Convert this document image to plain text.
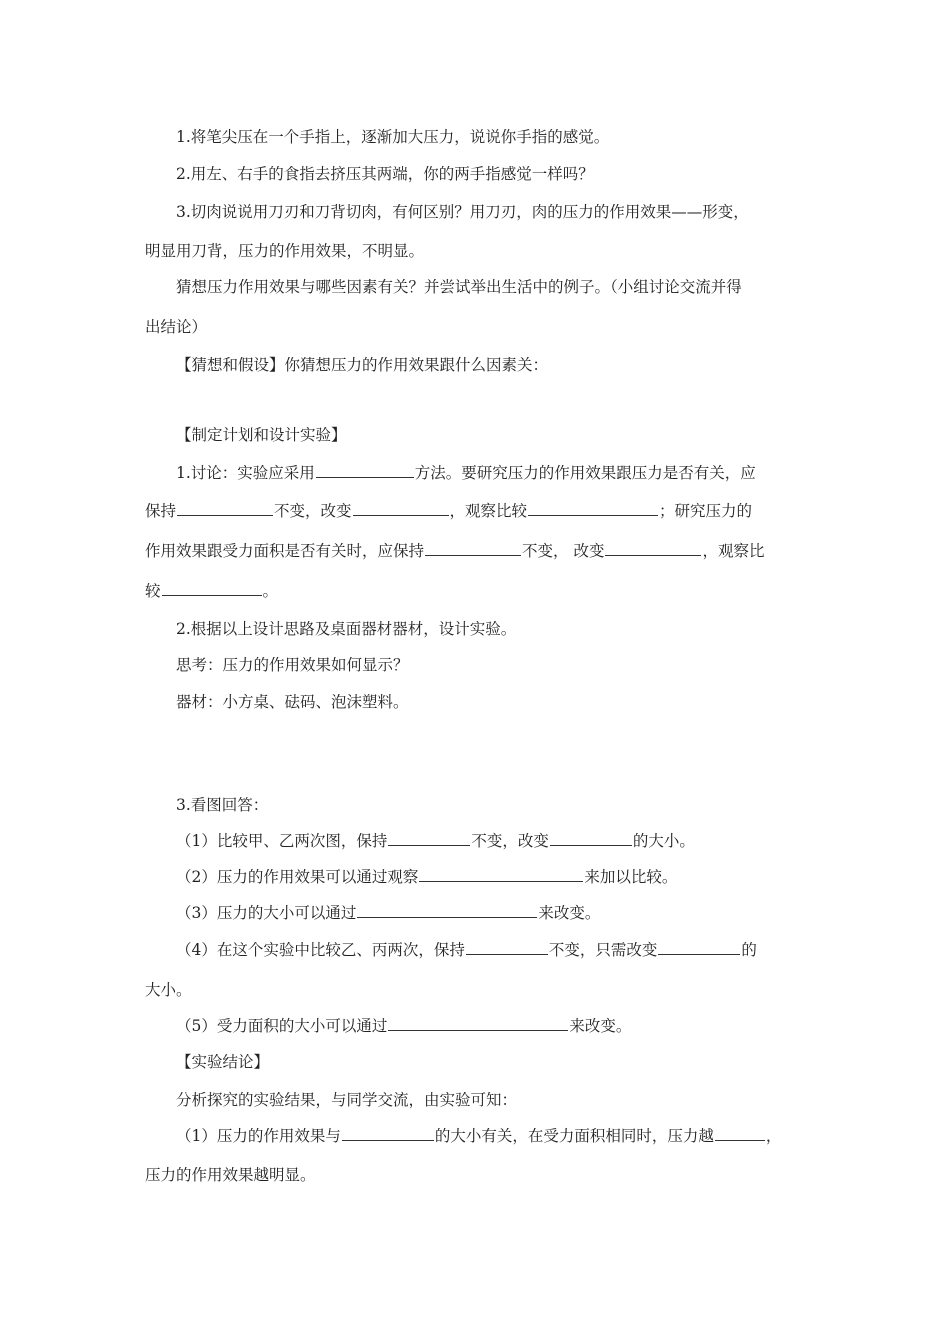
1.将笔尖压在一个手指上，逐渐加大压力，说说你手指的感觉。
2.用左、右手的食指去挤压其两端，你的两手指感觉一样吗？
3.切肉说说用刀刃和刀背切肉，有何区别？用刀刃，肉的压力的作用效果——形变，
明显用刀背，压力的作用效果，不明显。
猜想压力作用效果与哪些因素有关？并尝试举出生活中的例子。（小组讨论交流并得
出结论）
【猜想和假设】你猜想压力的作用效果跟什么因素关：
【制定计划和设计实验】
1.讨论：实验应采用	方法。要研究压力的作用效果跟压力是否有关，应
保持	不变，改变	，观察比较	；研究压力的
作用效果跟受力面积是否有关时，应保持	不变， 改变	，观察比
较	。
2.根据以上设计思路及桌面器材器材，设计实验。
思考：压力的作用效果如何显示？
器材：小方桌、砝码、泡沫塑料。
3.看图回答：
（1）比较甲、乙两次图，保持	不变，改变	的大小。
（2）压力的作用效果可以通过观察	来加以比较。
（3）压力的大小可以通过	来改变。
（4）在这个实验中比较乙、丙两次，保持	不变，只需改变	的
大小。
（5）受力面积的大小可以通过	来改变。
【实验结论】
分析探究的实验结果，与同学交流，由实验可知：
（1）压力的作用效果与	的大小有关，在受力面积相同时，压力越	，
压力的作用效果越明显。
